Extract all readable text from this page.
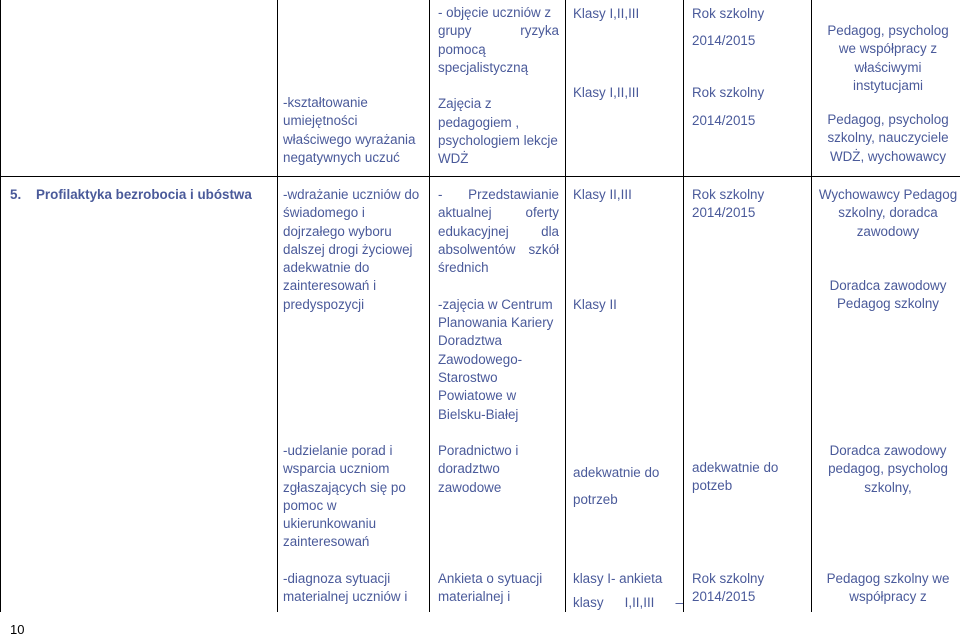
-kształtowanie umiejętności właściwego wyrażania negatywnych uczuć
- objęcie uczniów z
grupy ryzyka
pomocą
specjalistyczną
Zajęcia z pedagogiem , psychologiem lekcje WDŻ
Klasy I,II,III
Klasy I,II,III
Rok szkolny
2014/2015
Rok szkolny
2014/2015
Pedagog, psycholog we współpracy z właściwymi instytucjami
Pedagog, psycholog szkolny, nauczyciele WDŻ, wychowawcy
5. Profilaktyka bezrobocia i ubóstwa -wdrażanie uczniów do świadomego i dojrzałego wyboru dalszej drogi życiowej adekwatnie do zainteresowań i predyspozycji
- Przedstawianie aktualnej oferty edukacyjnej dla absolwentów szkół średnich
-zajęcia w Centrum Planowania Kariery Doradztwa Zawodowego-Starostwo Powiatowe w Bielsku-Białej
Klasy II,III
Klasy II
Rok szkolny 2014/2015
Wychowawcy Pedagog szkolny, doradca zawodowy
Doradca zawodowy Pedagog szkolny
-udzielanie porad i wsparcia uczniom zgłaszających się po pomoc w ukierunkowaniu zainteresowań
Poradnictwo i doradztwo zawodowe
adekwatnie do potrzeb
adekwatnie do potzeb
Doradca zawodowy pedagog, psycholog szkolny,
-diagnoza sytuacji materialnej uczniów i
Ankieta o sytuacji materialnej i
klasy I- ankieta
klasy I,II,III –
Rok szkolny 2014/2015
Pedagog szkolny we współpracy z
10
